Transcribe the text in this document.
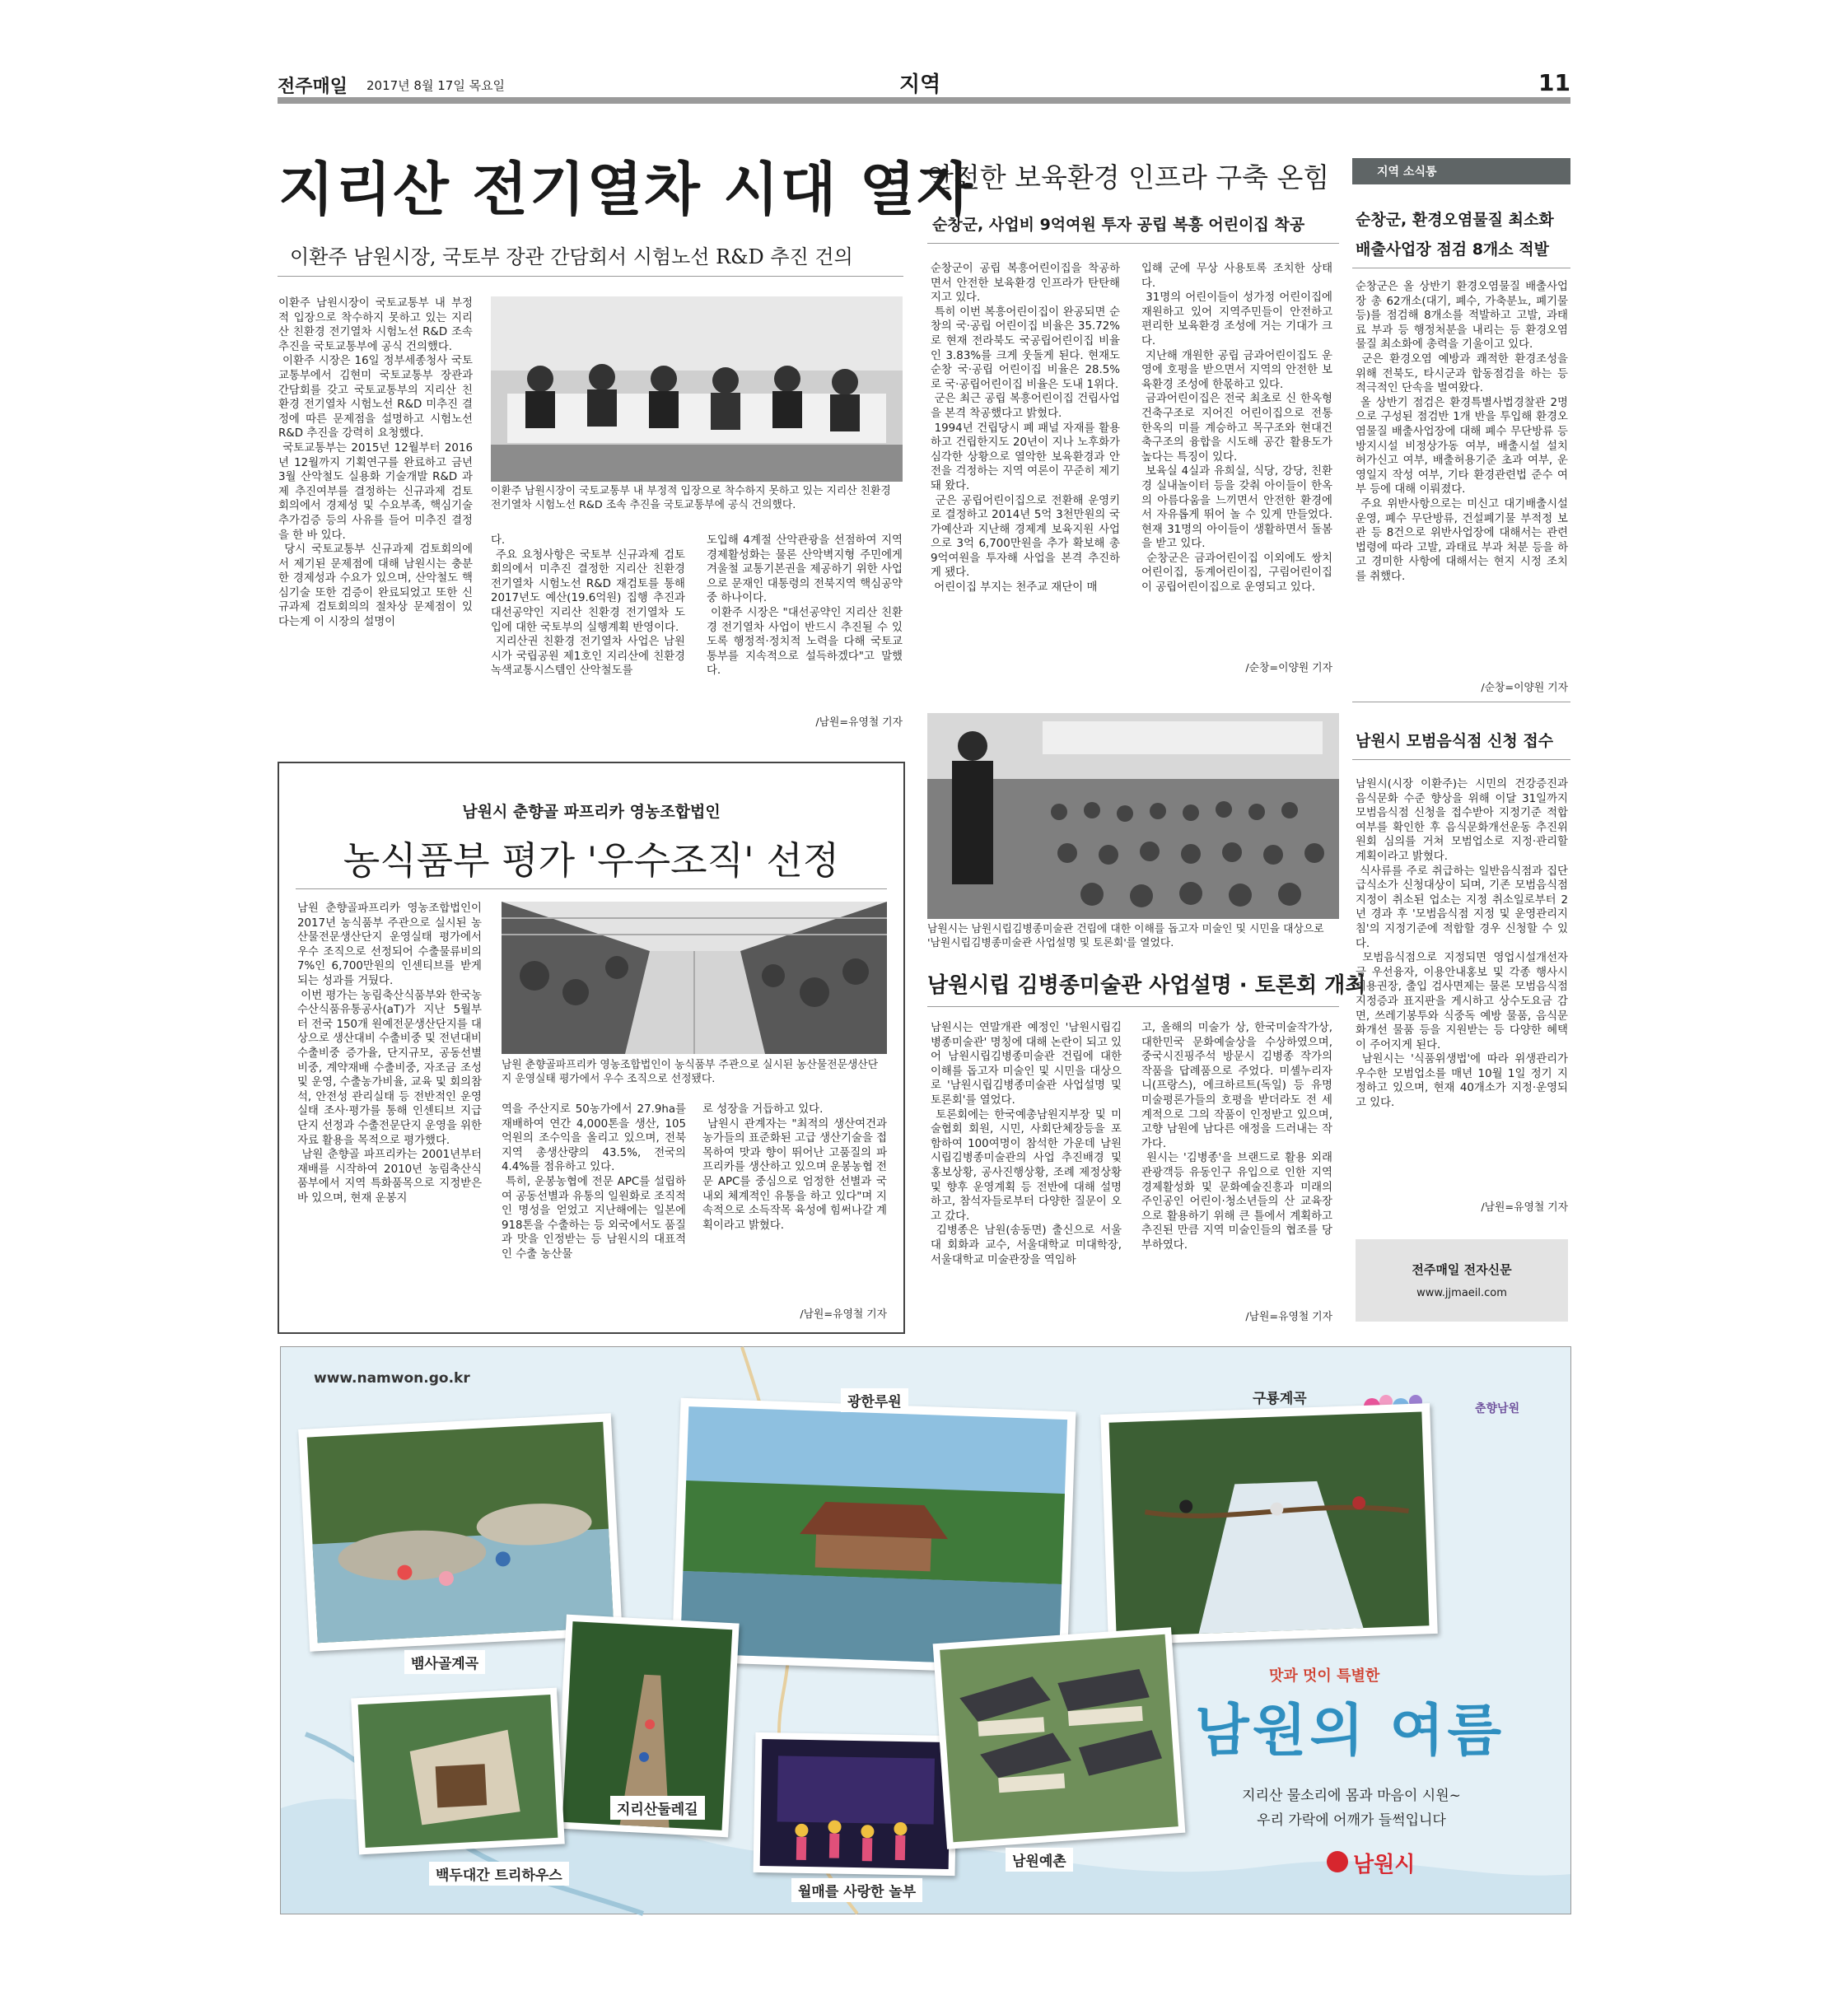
전주매일 2017년 8월 17일 목요일	지역	11
지리산 전기열차 시대 열자
이환주 남원시장, 국토부 장관 간담회서 시험노선 R&D 추진 건의
이환주 남원시장이 국토교통부 내 부정적 입장으로 착수하지 못하고 있는 지리산 친환경 전기열차 시험노선 R&D 조속 추진을 국토교통부에 공식 건의했다.
이환주 시장은 16일 정부세종청사 국토교통부에서 김현미 국토교통부 장관과 간담회를 갖고 국토교통부의 지리산 친환경 전기열차 시험노선 R&D 미추진 결정에 따른 문제점을 설명하고 시험노선 R&D 추진을 강력히 요청했다.
국토교통부는 2015년 12월부터 2016년 12월까지 기획연구를 완료하고 금년 3월 산악철도 실용화 기술개발 R&D 과제 추진여부를 결정하는 신규과제 검토회의에서 경제성 및 수요부족, 핵심기술 추가검증 등의 사유를 들어 미추진 결정을 한 바 있다.
당시 국토교통부 신규과제 검토회의에서 제기된 문제점에 대해 남원시는 충분한 경제성과 수요가 있으며, 산악철도 핵심기술 또한 검증이 완료되었고 또한 신규과제 검토회의의 절차상 문제점이 있다는게 이 시장의 설명이
이환주 남원시장이 국토교통부 내 부정적 입장으로 착수하지 못하고 있는 지리산 친환경 전기열차 시험노선 R&D 조속 추진을 국토교통부에 공식 건의했다.
다.
주요 요청사항은 국토부 신규과제 검토회의에서 미추진 결정한 지리산 친환경 전기열차 시험노선 R&D 재검토를 통해 2017년도 예산(19.6억원) 집행 추진과 대선공약인 지리산 친환경 전기열차 도입에 대한 국토부의 실행계획 반영이다.
지리산권 친환경 전기열차 사업은 남원시가 국립공원 제1호인 지리산에 친환경 녹색교통시스템인 산악철도를
도입해 4계절 산악관광을 선점하여 지역경제활성화는 물론 산악벽지형 주민에게 겨울철 교통기본권을 제공하기 위한 사업으로 문재인 대통령의 전북지역 핵심공약 중 하나이다.
이환주 시장은 "대선공약인 지리산 친환경 전기열차 사업이 반드시 추진될 수 있도록 행정적·정치적 노력을 다해 국토교통부를 지속적으로 설득하겠다"고 말했다.
/남원=유영철 기자
안전한 보육환경 인프라 구축 온힘
순창군, 사업비 9억여원 투자 공립 복흥 어린이집 착공
순창군이 공립 복흥어린이집을 착공하면서 안전한 보육환경 인프라가 탄탄해지고 있다.
특히 이번 복흥어린이집이 완공되면 순창의 국·공립 어린이집 비율은 35.72%로 현재 전라북도 국공립어린이집 비율인 3.83%를 크게 웃돌게 된다. 현재도 순창 국·공립 어린이집 비율은 28.5%로 국·공립어린이집 비율은 도내 1위다.
군은 최근 공립 복흥어린이집 건립사업을 본격 착공했다고 밝혔다.
1994년 건립당시 폐 패널 자재를 활용하고 건립한지도 20년이 지나 노후화가 심각한 상황으로 열악한 보육환경과 안전을 걱정하는 지역 여론이 꾸준히 제기돼 왔다.
군은 공립어린이집으로 전환해 운영키로 결정하고 2014년 5억 3천만원의 국가예산과 지난해 경제계 보육지원 사업으로 3억 6,700만원을 추가 확보해 총 9억여원을 투자해 사업을 본격 추진하게 됐다.
어린이집 부지는 천주교 재단이 매
입해 군에 무상 사용토록 조치한 상태다.
31명의 어린이들이 성가정 어린이집에 재원하고 있어 지역주민들이 안전하고 편리한 보육환경 조성에 거는 기대가 크다.
지난해 개원한 공립 금과어린이집도 운영에 호평을 받으면서 지역의 안전한 보육환경 조성에 한몫하고 있다.
금과어린이집은 전국 최초로 신 한옥형 건축구조로 지어진 어린이집으로 전통 한옥의 미를 계승하고 목구조와 현대건축구조의 융합을 시도해 공간 활용도가 높다는 특징이 있다.
보육실 4실과 유희실, 식당, 강당, 친환경 실내놀이터 등을 갖춰 아이들이 한옥의 아름다움을 느끼면서 안전한 환경에서 자유롭게 뛰어 놀 수 있게 만들었다. 현재 31명의 아이들이 생활하면서 돌봄을 받고 있다.
순창군은 금과어린이집 이외에도 쌍치어린이집, 동계어린이집, 구림어린이집 이 공립어린이집으로 운영되고 있다.
/순창=이양원 기자
지역 소식통
순창군, 환경오염물질 최소화
배출사업장 점검 8개소 적발
순창군은 올 상반기 환경오염물질 배출사업장 총 62개소(대기, 폐수, 가축분뇨, 폐기물 등)를 점검해 8개소를 적발하고 고발, 과태료 부과 등 행정처분을 내리는 등 환경오염물질 최소화에 총력을 기울이고 있다.
군은 환경오염 예방과 쾌적한 환경조성을 위해 전북도, 타시군과 합동점검을 하는 등 적극적인 단속을 벌여왔다.
올 상반기 점검은 환경특별사법경찰관 2명으로 구성된 점검반 1개 반을 투입해 환경오염물질 배출사업장에 대해 폐수 무단방류 등 방지시설 비정상가동 여부, 배출시설 설치 허가신고 여부, 배출허용기준 초과 여부, 운영일지 작성 여부, 기타 환경관련법 준수 여부 등에 대해 이뤄졌다.
주요 위반사항으로는 미신고 대기배출시설 운영, 폐수 무단방류, 건설폐기물 부적정 보관 등 8건으로 위반사업장에 대해서는 관련법령에 따라 고발, 과태료 부과 처분 등을 하고 경미한 사항에 대해서는 현지 시정 조치를 취했다.
/순창=이양원 기자
남원시 모범음식점 신청 접수
남원시(시장 이환주)는 시민의 건강증진과 음식문화 수준 향상을 위해 이달 31일까지 모범음식점 신청을 접수받아 지정기준 적합여부를 확인한 후 음식문화개선운동 추진위원회 심의를 거쳐 모범업소로 지정·관리할 계획이라고 밝혔다.
식사류를 주로 취급하는 일반음식점과 집단급식소가 신청대상이 되며, 기존 모범음식점 지정이 취소된 업소는 지정 취소일로부터 2년 경과 후 '모범음식점 지정 및 운영관리지침'의 지정기준에 적합할 경우 신청할 수 있다.
모범음식점으로 지정되면 영업시설개선자금 우선융자, 이용안내홍보 및 각종 행사시 이용권장, 출입 검사면제는 물론 모범음식점 지정증과 표지판을 게시하고 상수도요금 감면, 쓰레기봉투와 식중독 예방 물품, 음식문화개선 물품 등을 지원받는 등 다양한 혜택이 주어지게 된다.
남원시는 '식품위생법'에 따라 위생관리가 우수한 모범업소를 매년 10월 1일 정기 지정하고 있으며, 현재 40개소가 지정·운영되고 있다.
/남원=유영철 기자
전주매일 전자신문
www.jjmaeil.com
남원시는 남원시립김병종미술관 건립에 대한 이해를 돕고자 미술인 및 시민을 대상으로 '남원시립김병종미술관 사업설명 및 토론회'를 열었다.
남원시립 김병종미술관 사업설명 · 토론회 개최
남원시는 연말개관 예정인 '남원시립김병종미술관' 명칭에 대해 논란이 되고 있어 남원시립김병종미술관 건립에 대한 이해를 돕고자 미술인 및 시민을 대상으로 '남원시립김병종미술관 사업설명 및 토론회'를 열었다.
토론회에는 한국예총남원지부장 및 미술협회 회원, 시민, 사회단체장등을 포함하여 100여명이 참석한 가운데 남원시립김병종미술관의 사업 추진배경 및 홍보상황, 공사진행상황, 조례 제정상황 및 향후 운영계획 등 전반에 대해 설명하고, 참석자들로부터 다양한 질문이 오고 갔다.
김병종은 남원(송동면) 출신으로 서울대 회화과 교수, 서울대학교 미대학장, 서울대학교 미술관장을 역임하
고, 올해의 미술가 상, 한국미술작가상, 대한민국 문화예술상을 수상하였으며, 중국시진핑주석 방문시 김병종 작가의 작품을 답례품으로 주었다. 미셸누리자니(프랑스), 에크하르트(독일) 등 유명 미술평론가들의 호평을 받더라도 전 세계적으로 그의 작품이 인정받고 있으며, 고향 남원에 남다른 애정을 드러내는 작가다.
원시는 '김병종'을 브랜드로 활용 외래관광객등 유동인구 유입으로 인한 지역경제활성화 및 문화예술진흥과 미래의 주인공인 어린이·청소년들의 산 교육장으로 활용하기 위해 큰 틀에서 계획하고 추진된 만큼 지역 미술인들의 협조를 당부하였다.
/남원=유영철 기자
남원시 춘향골 파프리카 영농조합법인
농식품부 평가 '우수조직' 선정
남원 춘향골파프리카 영농조합법인이 2017년 농식품부 주관으로 실시된 농산물전문생산단지 운영실태 평가에서 우수 조직으로 선정되어 수출물류비의 7%인 6,700만원의 인센티브를 받게되는 성과를 거뒀다.
이번 평가는 농림축산식품부와 한국농수산식품유통공사(aT)가 지난 5월부터 전국 150개 원예전문생산단지를 대상으로 생산대비 수출비중 및 전년대비 수출비중 증가율, 단지규모, 공동선별 비중, 계약재배 수출비중, 자조금 조성 및 운영, 수출농가비율, 교육 및 회의참석, 안전성 관리실태 등 전반적인 운영실태 조사·평가를 통해 인센티브 지급 단지 선정과 수출전문단지 운영을 위한 자료 활용을 목적으로 평가했다.
남원 춘향골 파프리카는 2001년부터 재배를 시작하여 2010년 농림축산식품부에서 지역 특화품목으로 지정받은 바 있으며, 현재 운봉지
남원 춘향골파프리카 영농조합법인이 농식품부 주관으로 실시된 농산물전문생산단지 운영실태 평가에서 우수 조직으로 선정됐다.
역을 주산지로 50농가에서 27.9ha를 재배하여 연간 4,000톤을 생산, 105억원의 조수익을 올리고 있으며, 전북지역 총생산량의 43.5%, 전국의 4.4%를 점유하고 있다.
특히, 운봉농협에 전문 APC를 설립하여 공동선별과 유통의 일원화로 조직적인 명성을 얻었고 지난해에는 일본에 918톤을 수출하는 등 외국에서도 품질과 맛을 인정받는 등 남원시의 대표적인 수출 농산물
로 성장을 거듭하고 있다.
남원시 관계자는 "최적의 생산여건과 농가들의 표준화된 고급 생산기술을 접목하여 맛과 향이 뛰어난 고품질의 파프리카를 생산하고 있으며 운봉농협 전문 APC를 중심으로 엄정한 선별과 국내외 체계적인 유통을 하고 있다"며 지속적으로 소득작목 육성에 힘써나갈 계획이라고 밝혔다.
/남원=유영철 기자
www.namwon.go.kr
뱀사골계곡
광한루원	구룡계곡
춘향남원
지리산둘레길
백두대간 트리하우스
월매를 사랑한 놀부
남원예촌
맛과 멋이 특별한
남원의 여름
지리산 물소리에 몸과 마음이 시원~
우리 가락에 어깨가 들썩입니다
남원시
